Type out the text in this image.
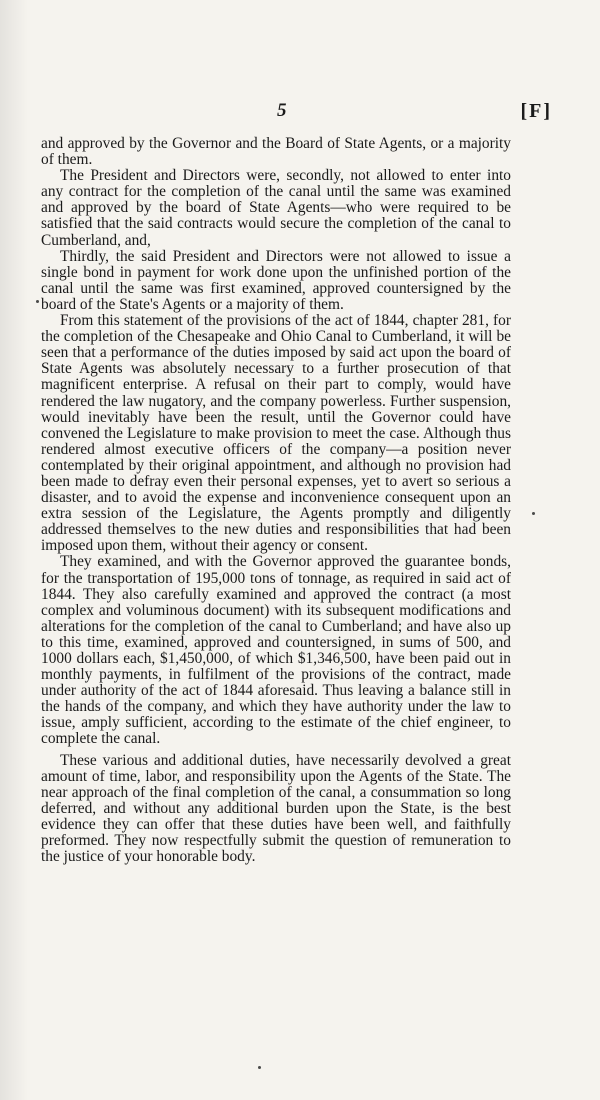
5	[F]

and approved by the Governor and the Board of State Agents, or a majority of them.

The President and Directors were, secondly, not allowed to enter into any contract for the completion of the canal until the same was examined and approved by the board of State Agents—who were required to be satisfied that the said contracts would secure the completion of the canal to Cumberland, and,

Thirdly, the said President and Directors were not allowed to issue a single bond in payment for work done upon the unfinished portion of the canal until the same was first examined, approved countersigned by the board of the State's Agents or a majority of them.

From this statement of the provisions of the act of 1844, chapter 281, for the completion of the Chesapeake and Ohio Canal to Cumberland, it will be seen that a performance of the duties imposed by said act upon the board of State Agents was absolutely necessary to a further prosecution of that magnificent enterprise. A refusal on their part to comply, would have rendered the law nugatory, and the company powerless. Further suspension, would inevitably have been the result, until the Governor could have convened the Legislature to make provision to meet the case. Although thus rendered almost executive officers of the company—a position never contemplated by their original appointment, and although no provision had been made to defray even their personal expenses, yet to avert so serious a disaster, and to avoid the expense and inconvenience consequent upon an extra session of the Legislature, the Agents promptly and diligently addressed themselves to the new duties and responsibilities that had been imposed upon them, without their agency or consent.

They examined, and with the Governor approved the guarantee bonds, for the transportation of 195,000 tons of tonnage, as required in said act of 1844. They also carefully examined and approved the contract (a most complex and voluminous document) with its subsequent modifications and alterations for the completion of the canal to Cumberland; and have also up to this time, examined, approved and countersigned, in sums of 500, and 1000 dollars each, $1,450,000, of which $1,346,500, have been paid out in monthly payments, in fulfilment of the provisions of the contract, made under authority of the act of 1844 aforesaid. Thus leaving a balance still in the hands of the company, and which they have authority under the law to issue, amply sufficient, according to the estimate of the chief engineer, to complete the canal.

These various and additional duties, have necessarily devolved a great amount of time, labor, and responsibility upon the Agents of the State. The near approach of the final completion of the canal, a consummation so long deferred, and without any additional burden upon the State, is the best evidence they can offer that these duties have been well, and faithfully preformed. They now respectfully submit the question of remuneration to the justice of your honorable body.
